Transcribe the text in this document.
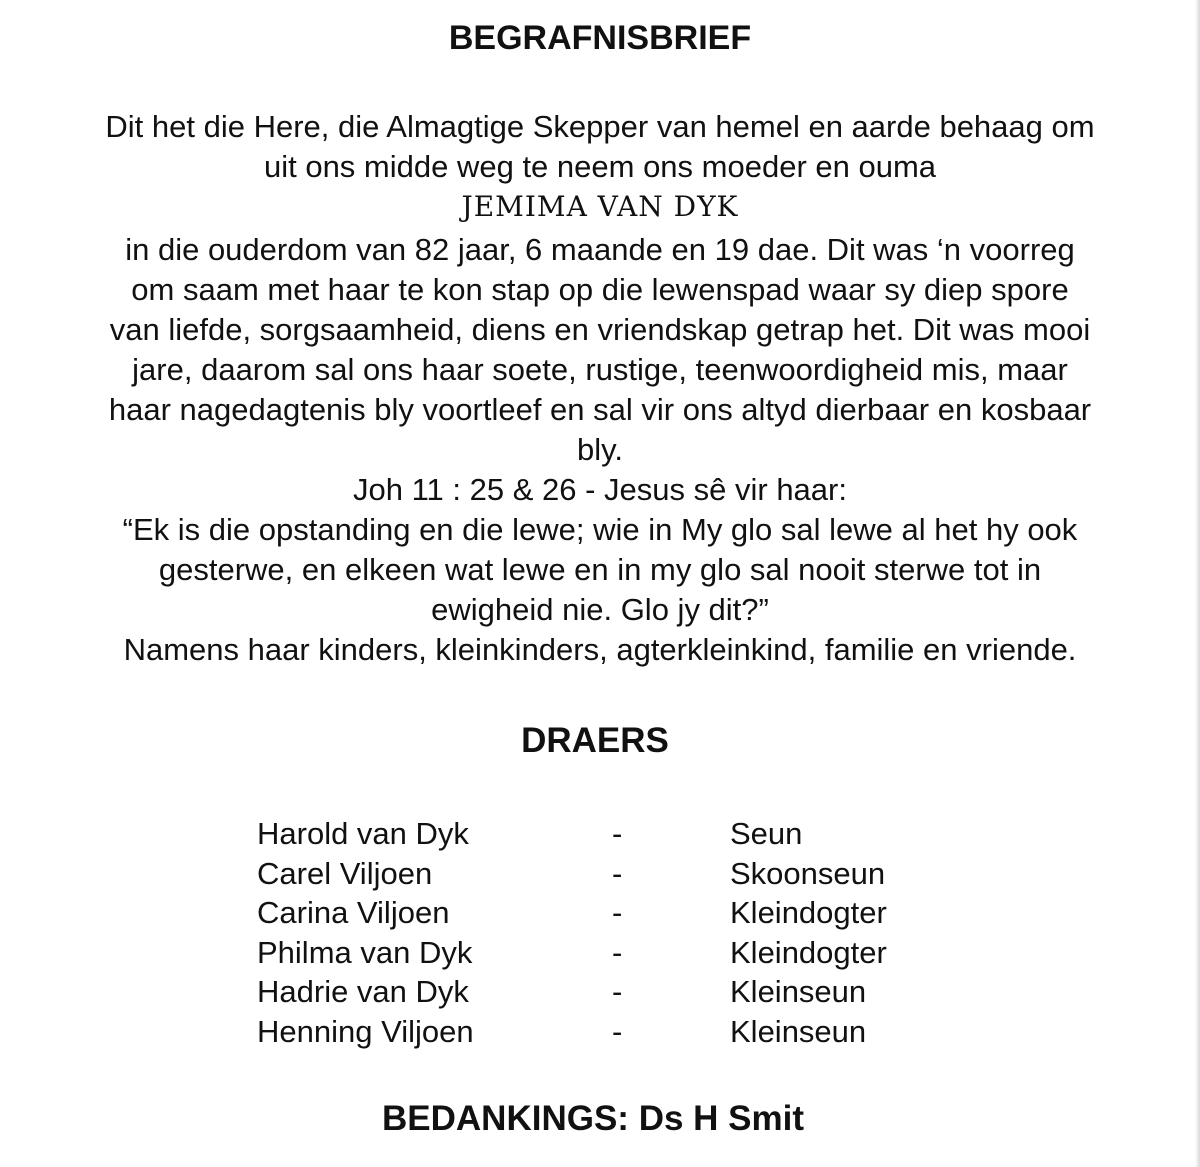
BEGRAFNISBRIEF

Dit het die Here, die Almagtige Skepper van hemel en aarde behaag om

uit ons midde weg te neem ons moeder en ouma

JEMIMA VAN DYK

in die ouderdom van 82 jaar, 6 maande en 19 dae. Dit was ‘n voorreg

om saam met haar te kon stap op die lewenspad waar sy diep spore

van liefde, sorgsaamheid, diens en vriendskap getrap het. Dit was mooi

jare, daarom sal ons haar soete, rustige, teenwoordigheid mis, maar

haar nagedagtenis bly voortleef en sal vir ons altyd dierbaar en kosbaar

bly.

Joh 11 : 25 & 26 - Jesus sê vir haar:

“Ek is die opstanding en die lewe; wie in My glo sal lewe al het hy ook

gesterwe, en elkeen wat lewe en in my glo sal nooit sterwe tot in

ewigheid nie. Glo jy dit?”

Namens haar kinders, kleinkinders, agterkleinkind, familie en vriende.

DRAERS
Harold van Dyk	-	Seun
Carel Viljoen	-	Skoonseun
Carina Viljoen	-	Kleindogter
Philma van Dyk	-	Kleindogter
Hadrie van Dyk	-	Kleinseun
Henning Viljoen	-	Kleinseun
BEDANKINGS: Ds H Smit
